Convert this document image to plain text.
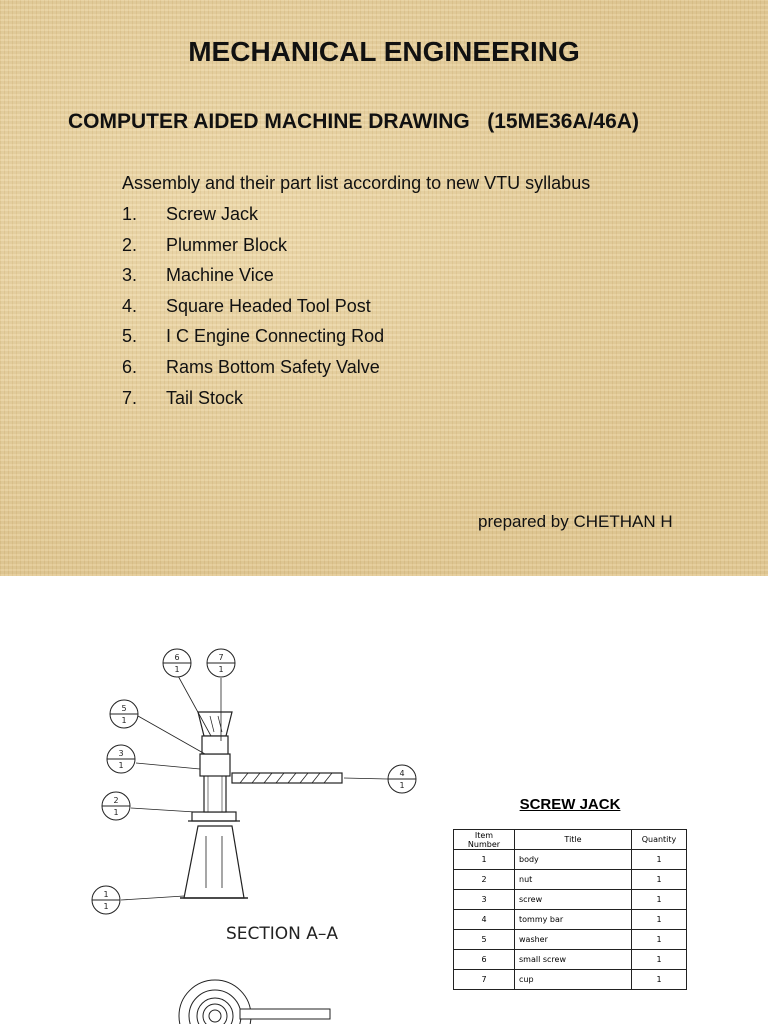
MECHANICAL ENGINEERING
COMPUTER AIDED MACHINE DRAWING   (15ME36A/46A)
Assembly and their part list according to new VTU syllabus
1.	Screw Jack
2.	Plummer Block
3.	Machine Vice
4.	Square Headed Tool Post
5.	I C Engine Connecting Rod
6.	Rams Bottom Safety Valve
7.	Tail Stock
prepared by CHETHAN H
6
1
7
1
5
1
3
1
4
1
2
1
1
1
SECTION A–A
SCREW JACK
Item Number	Title	Quantity
1	body	1
2	nut	1
3	screw	1
4	tommy bar	1
5	washer	1
6	small screw	1
7	cup	1
